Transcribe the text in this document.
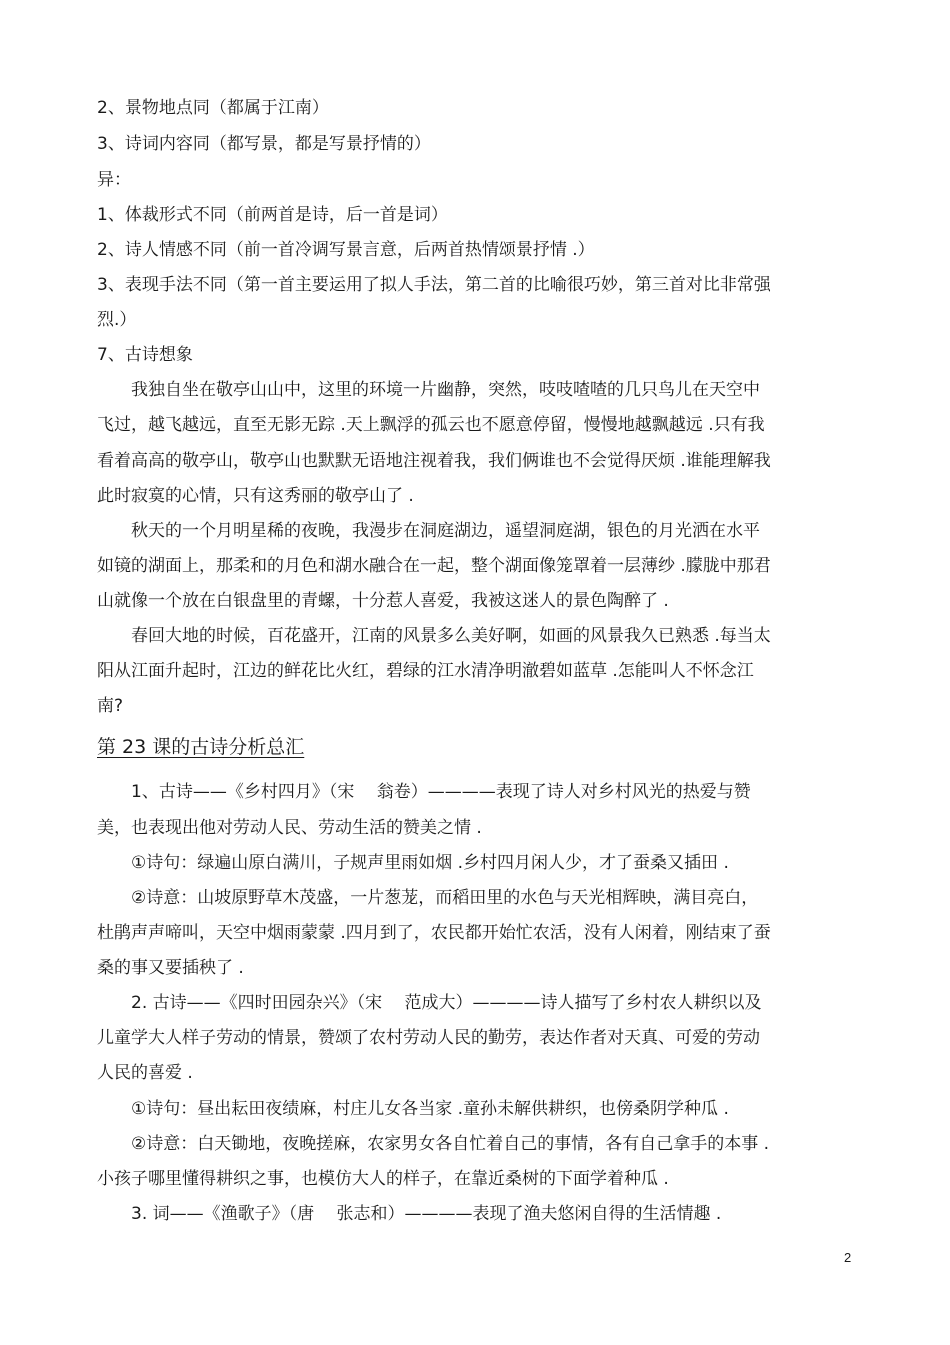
2、景物地点同（都属于江南）
3、诗词内容同（都写景，都是写景抒情的）
异：
1、体裁形式不同（前两首是诗，后一首是词）
2、诗人情感不同（前一首冷调写景言意，后两首热情颂景抒情 .）
3、表现手法不同（第一首主要运用了拟人手法，第二首的比喻很巧妙，第三首对比非常强
烈.）
7、古诗想象
　　我独自坐在敬亭山山中，这里的环境一片幽静，突然，吱吱喳喳的几只鸟儿在天空中
飞过，越飞越远，直至无影无踪 .天上飘浮的孤云也不愿意停留，慢慢地越飘越远 .只有我
看着高高的敬亭山，敬亭山也默默无语地注视着我，我们俩谁也不会觉得厌烦 .谁能理解我
此时寂寞的心情，只有这秀丽的敬亭山了 .
　　秋天的一个月明星稀的夜晚，我漫步在洞庭湖边，遥望洞庭湖，银色的月光洒在水平
如镜的湖面上，那柔和的月色和湖水融合在一起，整个湖面像笼罩着一层薄纱 .朦胧中那君
山就像一个放在白银盘里的青螺，十分惹人喜爱，我被这迷人的景色陶醉了 .
　　春回大地的时候，百花盛开，江南的风景多么美好啊，如画的风景我久已熟悉 .每当太
阳从江面升起时，江边的鲜花比火红，碧绿的江水清净明澈碧如蓝草 .怎能叫人不怀念江
南?
第 23 课的古诗分析总汇
　　1、古诗——《乡村四月》（宋　 翁卷）————表现了诗人对乡村风光的热爱与赞
美，也表现出他对劳动人民、劳动生活的赞美之情 .
　　①诗句：绿遍山原白满川，子规声里雨如烟 .乡村四月闲人少，才了蚕桑又插田 .
　　②诗意：山坡原野草木茂盛，一片葱茏，而稻田里的水色与天光相辉映，满目亮白，
杜鹃声声啼叫，天空中烟雨蒙蒙 .四月到了，农民都开始忙农活，没有人闲着，刚结束了蚕
桑的事又要插秧了 .
　　2. 古诗——《四时田园杂兴》（宋　 范成大）————诗人描写了乡村农人耕织以及
儿童学大人样子劳动的情景，赞颂了农村劳动人民的勤劳，表达作者对天真、可爱的劳动
人民的喜爱 .
　　①诗句：昼出耘田夜绩麻，村庄儿女各当家 .童孙未解供耕织，也傍桑阴学种瓜 .
　　②诗意：白天锄地，夜晚搓麻，农家男女各自忙着自己的事情，各有自己拿手的本事 .
小孩子哪里懂得耕织之事，也模仿大人的样子，在靠近桑树的下面学着种瓜 .
　　3. 词——《渔歌子》（唐　 张志和）————表现了渔夫悠闲自得的生活情趣 .
2
